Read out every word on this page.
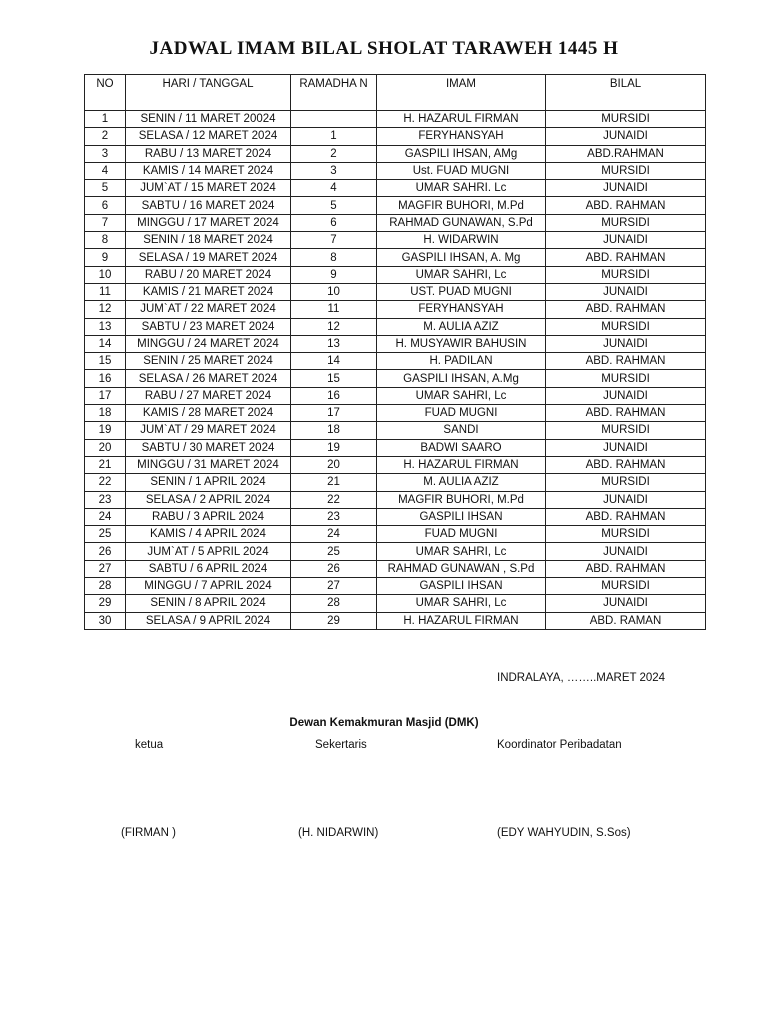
JADWAL IMAM BILAL SHOLAT TARAWEH 1445 H
NO	HARI / TANGGAL	RAMADHA N	IMAM	BILAL
1	SENIN / 11 MARET 20024		H. HAZARUL FIRMAN	MURSIDI
2	SELASA / 12 MARET 2024	1	FERYHANSYAH	JUNAIDI
3	RABU / 13 MARET 2024	2	GASPILI IHSAN, AMg	ABD.RAHMAN
4	KAMIS / 14 MARET 2024	3	Ust. FUAD MUGNI	MURSIDI
5	JUM`AT / 15 MARET 2024	4	UMAR SAHRI. Lc	JUNAIDI
6	SABTU / 16 MARET 2024	5	MAGFIR BUHORI, M.Pd	ABD. RAHMAN
7	MINGGU / 17 MARET 2024	6	RAHMAD GUNAWAN, S.Pd	MURSIDI
8	SENIN / 18 MARET 2024	7	H. WIDARWIN	JUNAIDI
9	SELASA / 19 MARET 2024	8	GASPILI IHSAN, A. Mg	ABD. RAHMAN
10	RABU / 20 MARET 2024	9	UMAR SAHRI, Lc	MURSIDI
11	KAMIS / 21 MARET 2024	10	UST. PUAD MUGNI	JUNAIDI
12	JUM`AT / 22 MARET 2024	11	FERYHANSYAH	ABD. RAHMAN
13	SABTU / 23 MARET 2024	12	M. AULIA AZIZ	MURSIDI
14	MINGGU / 24 MARET 2024	13	H. MUSYAWIR BAHUSIN	JUNAIDI
15	SENIN / 25 MARET 2024	14	H. PADILAN	ABD. RAHMAN
16	SELASA / 26 MARET 2024	15	GASPILI IHSAN, A.Mg	MURSIDI
17	RABU / 27 MARET 2024	16	UMAR SAHRI, Lc	JUNAIDI
18	KAMIS / 28 MARET 2024	17	FUAD MUGNI	ABD. RAHMAN
19	JUM`AT / 29 MARET 2024	18	SANDI	MURSIDI
20	SABTU / 30 MARET 2024	19	BADWI SAARO	JUNAIDI
21	MINGGU / 31 MARET 2024	20	H. HAZARUL FIRMAN	ABD. RAHMAN
22	SENIN / 1 APRIL 2024	21	M. AULIA AZIZ	MURSIDI
23	SELASA / 2 APRIL 2024	22	MAGFIR BUHORI, M.Pd	JUNAIDI
24	RABU / 3 APRIL 2024	23	GASPILI IHSAN	ABD. RAHMAN
25	KAMIS / 4 APRIL 2024	24	FUAD MUGNI	MURSIDI
26	JUM`AT / 5 APRIL 2024	25	UMAR SAHRI, Lc	JUNAIDI
27	SABTU / 6 APRIL 2024	26	RAHMAD GUNAWAN , S.Pd	ABD. RAHMAN
28	MINGGU / 7 APRIL 2024	27	GASPILI IHSAN	MURSIDI
29	SENIN / 8 APRIL 2024	28	UMAR SAHRI, Lc	JUNAIDI
30	SELASA / 9 APRIL 2024	29	H. HAZARUL FIRMAN	ABD. RAMAN
INDRALAYA, ……..MARET 2024
Dewan Kemakmuran Masjid (DMK)
ketua	Sekertaris	Koordinator Peribadatan
(FIRMAN )	(H. NIDARWIN)	(EDY WAHYUDIN, S.Sos)
